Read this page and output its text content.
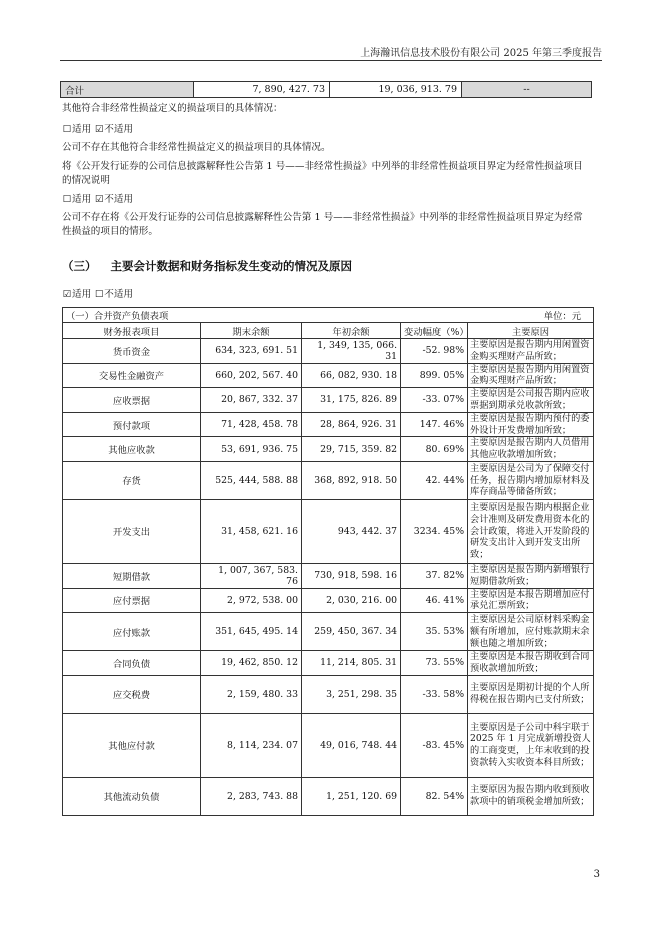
上海瀚讯信息技术股份有限公司 2025 年第三季度报告
合计	7, 890, 427. 73	19, 036, 913. 79	--

其他符合非经常性损益定义的损益项目的具体情况：

☐适用 ☑不适用

公司不存在其他符合非经常性损益定义的损益项目的具体情况。

将《公开发行证券的公司信息披露解释性公告第 1 号——非经常性损益》中列举的非经常性损益项目界定为经常性损益项目的情况说明

☐适用 ☑不适用

公司不存在将《公开发行证券的公司信息披露解释性公告第 1 号——非经常性损益》中列举的非经常性损益项目界定为经常性损益的项目的情形。

（三） 主要会计数据和财务指标发生变动的情况及原因

☑适用 ☐不适用

（一）合并资产负债表项			单位：元	
财务报表项目	期末余额	年初余额	变动幅度（%）	主要原因
货币资金	634, 323, 691. 51	1, 349, 135, 066. 31	-52. 98%	主要原因是报告期内用闲置资金购买理财产品所致；
交易性金融资产	660, 202, 567. 40	66, 082, 930. 18	899. 05%	主要原因是报告期内用闲置资金购买理财产品所致；
应收票据	20, 867, 332. 37	31, 175, 826. 89	-33. 07%	主要原因是公司报告期内应收票据到期承兑收款所致；
预付款项	71, 428, 458. 78	28, 864, 926. 31	147. 46%	主要原因是报告期内预付的委外设计开发费增加所致；
其他应收款	53, 691, 936. 75	29, 715, 359. 82	80. 69%	主要原因是报告期内人员借用其他应收款增加所致；
存货	525, 444, 588. 88	368, 892, 918. 50	42. 44%	主要原因是公司为了保障交付任务，报告期内增加原材料及库存商品等储备所致；
开发支出	31, 458, 621. 16	943, 442. 37	3234. 45%	主要原因是报告期内根据企业会计准则及研发费用资本化的会计政策，将进入开发阶段的研发支出计入到开发支出所致；
短期借款	1, 007, 367, 583. 76	730, 918, 598. 16	37. 82%	主要原因是报告期内新增银行短期借款所致；
应付票据	2, 972, 538. 00	2, 030, 216. 00	46. 41%	主要原因是本报告期增加应付承兑汇票所致；
应付账款	351, 645, 495. 14	259, 450, 367. 34	35. 53%	主要原因是公司原材料采购金额有所增加，应付账款期末余额也随之增加所致；
合同负债	19, 462, 850. 12	11, 214, 805. 31	73. 55%	主要原因是本报告期收到合同预收款增加所致；
应交税费	2, 159, 480. 33	3, 251, 298. 35	-33. 58%	主要原因是期初计提的个人所得税在报告期内已支付所致；
其他应付款	8, 114, 234. 07	49, 016, 748. 44	-83. 45%	主要原因是子公司中科宇联于 2025 年 1 月完成新增投资人的工商变更，上年末收到的投资款转入实收资本科目所致；
其他流动负债	2, 283, 743. 88	1, 251, 120. 69	82. 54%	主要原因为报告期内收到预收款项中的销项税金增加所致；
3
